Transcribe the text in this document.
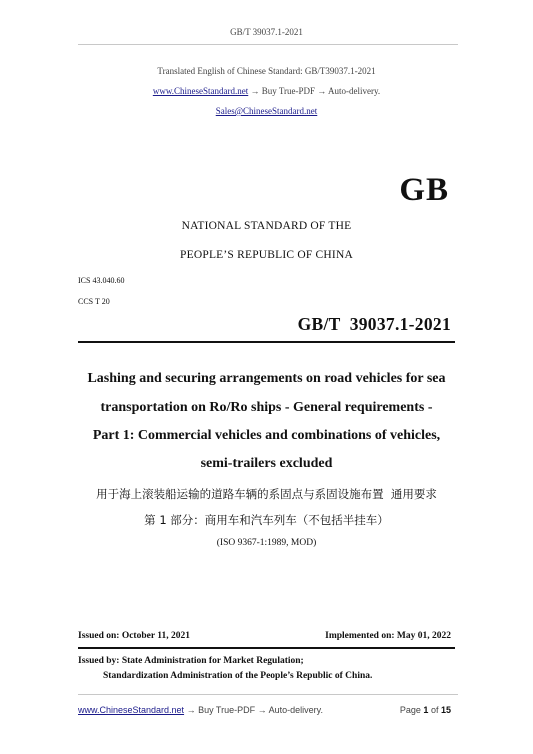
GB/T 39037.1-2021
Translated English of Chinese Standard: GB/T39037.1-2021
www.ChineseStandard.net → Buy True-PDF → Auto-delivery.
Sales@ChineseStandard.net
GB
NATIONAL STANDARD OF THE
PEOPLE’S REPUBLIC OF CHINA
ICS 43.040.60
CCS T 20
GB/T  39037.1-2021
Lashing and securing arrangements on road vehicles for sea
transportation on Ro/Ro ships - General requirements -
Part 1: Commercial vehicles and combinations of vehicles,
semi-trailers excluded
用于海上滚装船运输的道路车辆的系固点与系固设施布置  通用要求
第 1 部分：商用车和汽车列车（不包括半挂车）
(ISO 9367-1:1989, MOD)
Issued on: October 11, 2021	Implemented on: May 01, 2022
Issued by: State Administration for Market Regulation;
Standardization Administration of the People’s Republic of China.
www.ChineseStandard.net → Buy True-PDF → Auto-delivery.	Page 1 of 15
